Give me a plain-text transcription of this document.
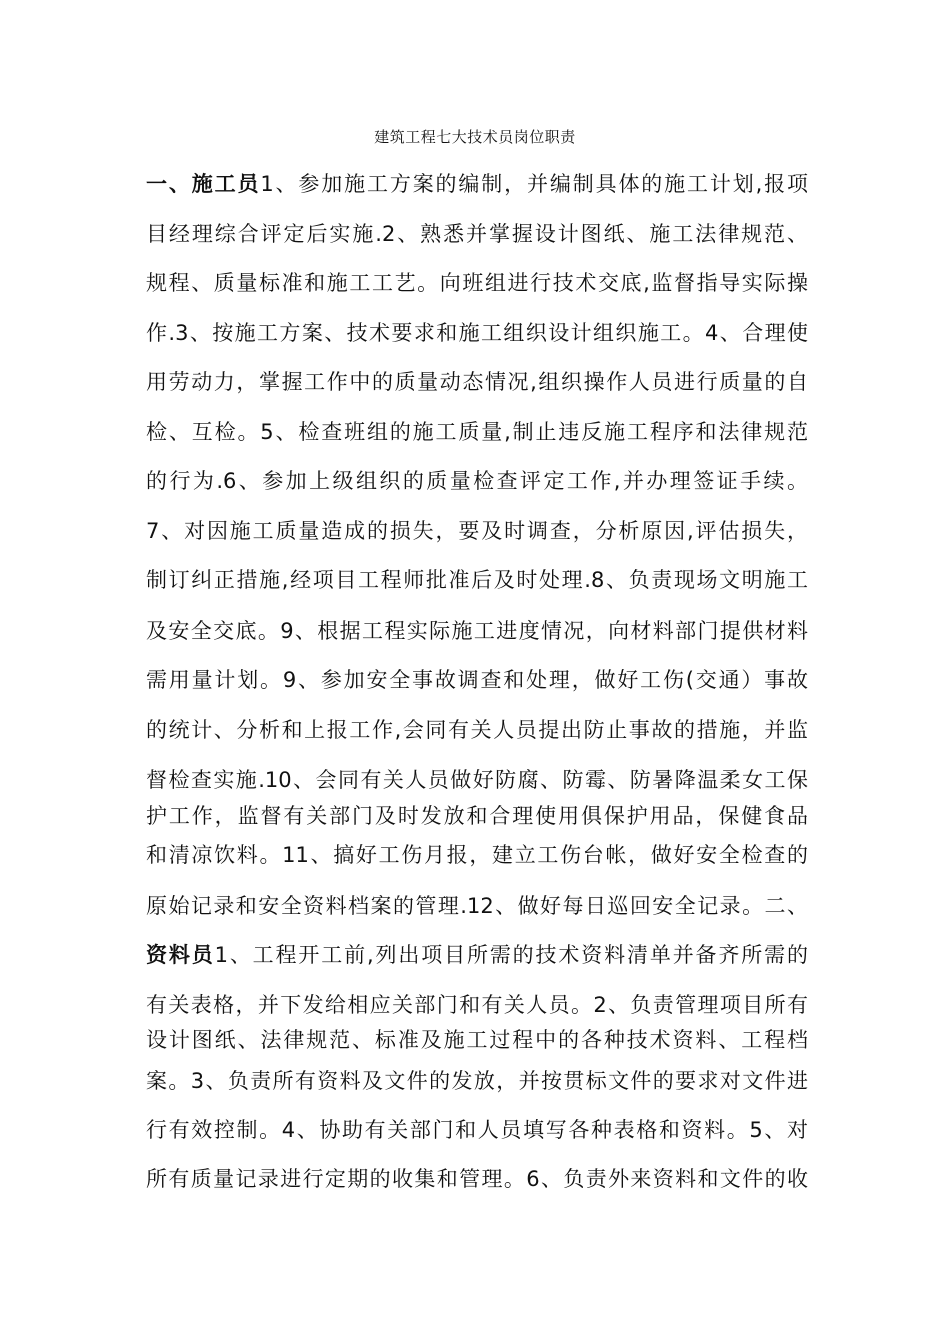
建筑工程七大技术员岗位职责
一、施工员1、参加施工方案的编制，并编制具体的施工计划,报项
目经理综合评定后实施.2、熟悉并掌握设计图纸、施工法律规范、
规程、质量标准和施工工艺。向班组进行技术交底,监督指导实际操
作.3、按施工方案、技术要求和施工组织设计组织施工。4、合理使
用劳动力，掌握工作中的质量动态情况,组织操作人员进行质量的自
检、互检。5、检查班组的施工质量,制止违反施工程序和法律规范
的行为.6、参加上级组织的质量检查评定工作,并办理签证手续。
7、对因施工质量造成的损失，要及时调查，分析原因,评估损失，
制订纠正措施,经项目工程师批准后及时处理.8、负责现场文明施工
及安全交底。9、根据工程实际施工进度情况，向材料部门提供材料
需用量计划。9、参加安全事故调查和处理，做好工伤(交通）事故
的统计、分析和上报工作,会同有关人员提出防止事故的措施，并监
督检查实施.10、会同有关人员做好防腐、防霉、防暑降温柔女工保
护工作，监督有关部门及时发放和合理使用俱保护用品，保健食品
和清凉饮料。11、搞好工伤月报，建立工伤台帐，做好安全检查的
原始记录和安全资料档案的管理.12、做好每日巡回安全记录。二、
资料员1、工程开工前,列出项目所需的技术资料清单并备齐所需的
有关表格，并下发给相应关部门和有关人员。2、负责管理项目所有
设计图纸、法律规范、标准及施工过程中的各种技术资料、工程档
案。3、负责所有资料及文件的发放，并按贯标文件的要求对文件进
行有效控制。4、协助有关部门和人员填写各种表格和资料。5、对
所有质量记录进行定期的收集和管理。6、负责外来资料和文件的收
